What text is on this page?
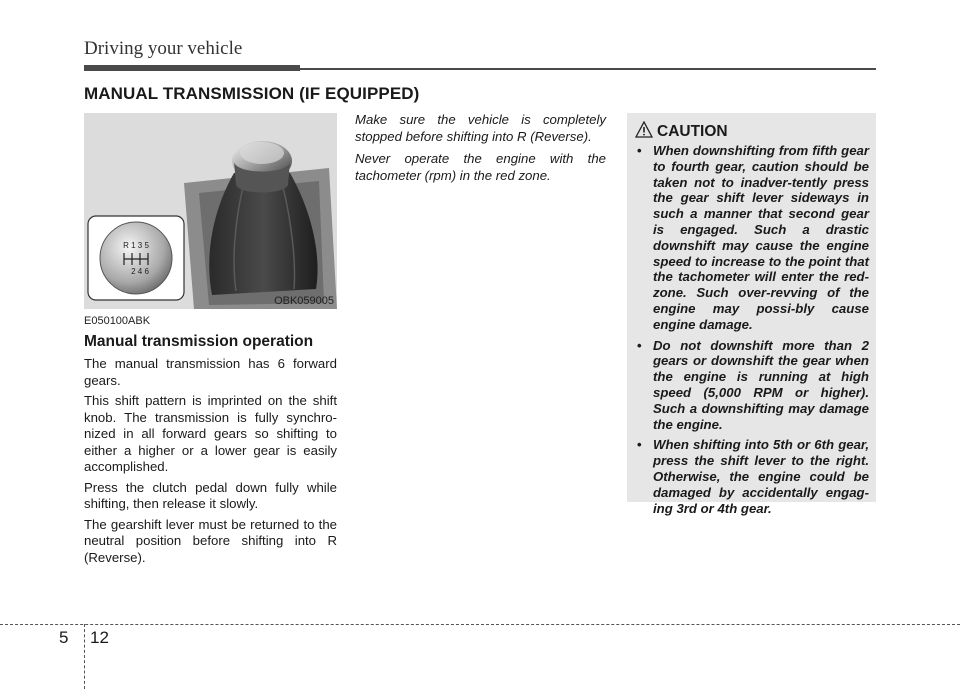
Driving your vehicle
MANUAL TRANSMISSION (IF EQUIPPED)
R 1 3 5
2 4 6
OBK059005
E050100ABK
Manual transmission operation

The manual transmission has 6 forward gears.

This shift pattern is imprinted on the shift knob. The transmission is fully synchro-nized in all forward gears so shifting to either a higher or a lower gear is easily accomplished.

Press the clutch pedal down fully while shifting, then release it slowly.

The gearshift lever must be returned to the neutral position before shifting into R (Reverse).

Make sure the vehicle is completely stopped before shifting into R (Reverse).

Never operate the engine with the tachometer (rpm) in the red zone.

CAUTION
• When downshifting from fifth gear to fourth gear, caution should be taken not to inadver-tently press the gear shift lever sideways in such a manner that second gear is engaged. Such a drastic downshift may cause the engine speed to increase to the point that the tachometer will enter the red-zone. Such over-revving of the engine may possi-bly cause engine damage.
• Do not downshift more than 2 gears or downshift the gear when the engine is running at high speed (5,000 RPM or higher). Such a downshifting may damage the engine.
• When shifting into 5th or 6th gear, press the shift lever to the right. Otherwise, the engine could be damaged by accidentally engag-ing 3rd or 4th gear.
5 12
